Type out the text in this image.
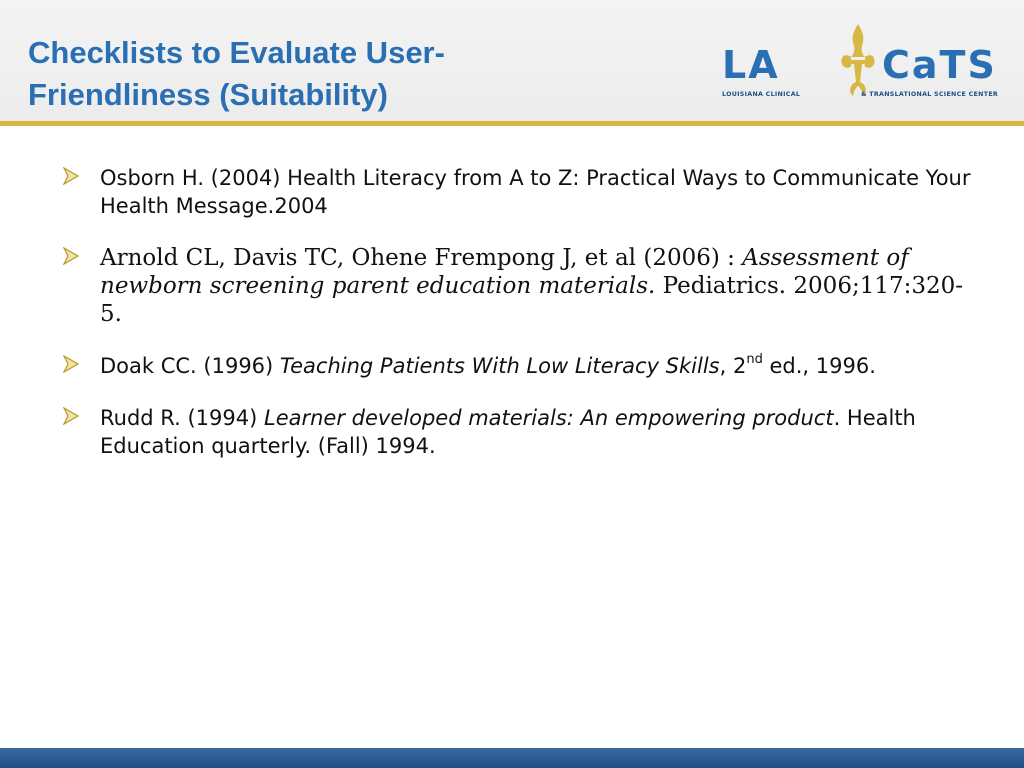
Checklists to Evaluate User-
Friendliness (Suitability)
LA	CaTS
LOUISIANA CLINICAL	& TRANSLATIONAL SCIENCE CENTER
Osborn H. (2004) Health Literacy from A to Z: Practical Ways to Communicate Your Health Message.2004
Arnold CL, Davis TC, Ohene Frempong J, et al (2006) : Assessment of newborn screening parent education materials. Pediatrics. 2006;117:320-5.
Doak CC. (1996) Teaching Patients With Low Literacy Skills, 2nd ed., 1996.
Rudd R. (1994) Learner developed materials: An empowering product. Health Education quarterly. (Fall) 1994.
